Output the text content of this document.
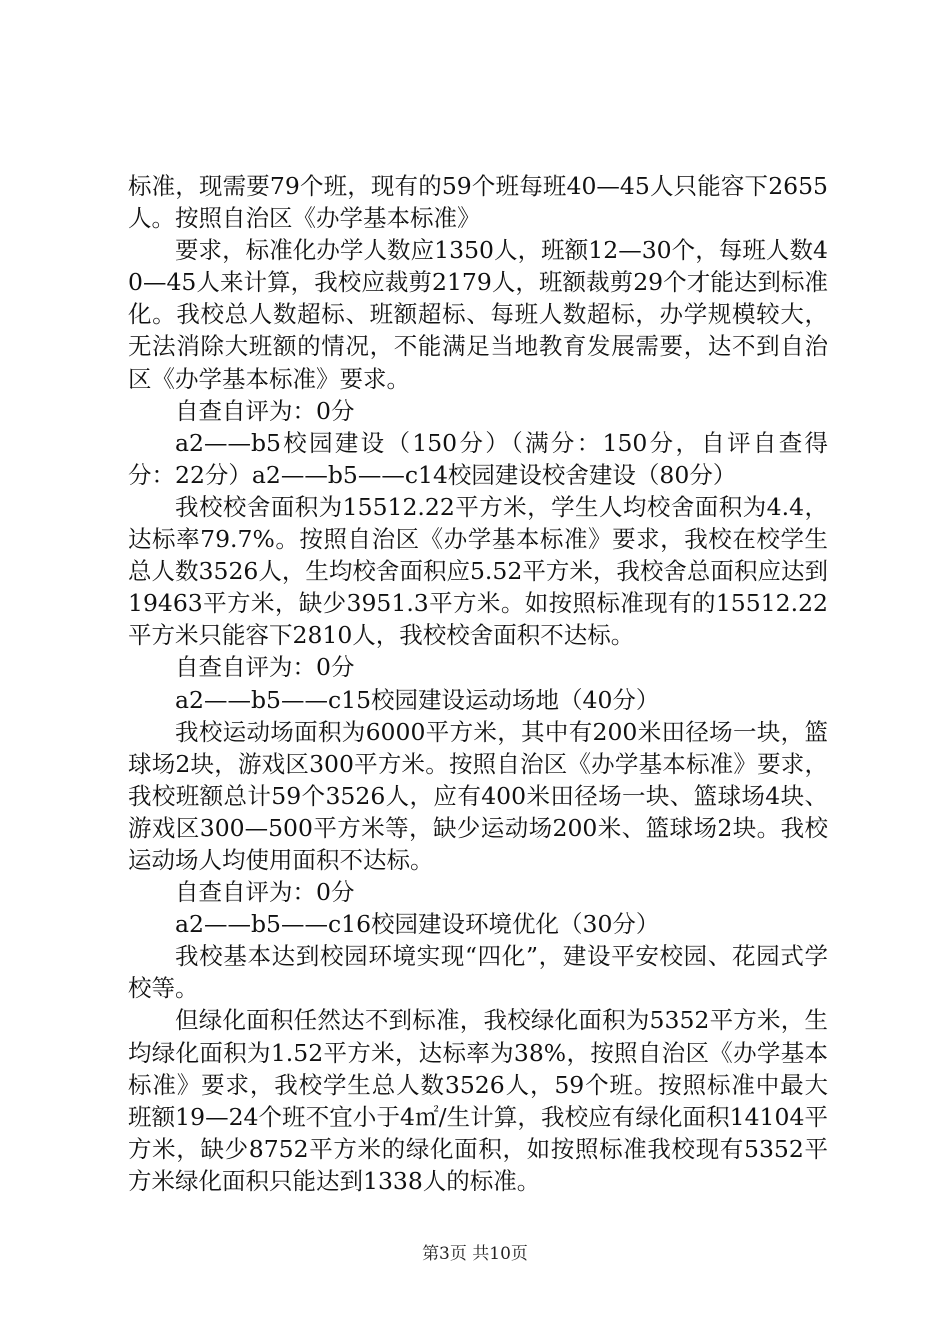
标准，现需要79个班，现有的59个班每班40—45人只能容下2655人。按照自治区《办学基本标准》

要求，标准化办学人数应1350人，班额12—30个，每班人数40—45人来计算，我校应裁剪2179人，班额裁剪29个才能达到标准化。我校总人数超标、班额超标、每班人数超标，办学规模较大，无法消除大班额的情况，不能满足当地教育发展需要，达不到自治区《办学基本标准》要求。

自查自评为：0分

a2——b5校园建设（150分）（满分：150分，自评自查得分：22分）a2——b5——c14校园建设校舍建设（80分）

我校校舍面积为15512.22平方米，学生人均校舍面积为4.4，达标率79.7%。按照自治区《办学基本标准》要求，我校在校学生总人数3526人，生均校舍面积应5.52平方米，我校舍总面积应达到19463平方米，缺少3951.3平方米。如按照标准现有的15512.22平方米只能容下2810人，我校校舍面积不达标。

自查自评为：0分

a2——b5——c15校园建设运动场地（40分）

我校运动场面积为6000平方米，其中有200米田径场一块，篮球场2块，游戏区300平方米。按照自治区《办学基本标准》要求，我校班额总计59个3526人，应有400米田径场一块、篮球场4块、游戏区300—500平方米等，缺少运动场200米、篮球场2块。我校运动场人均使用面积不达标。

自查自评为：0分

a2——b5——c16校园建设环境优化（30分）

我校基本达到校园环境实现“四化”，建设平安校园、花园式学校等。

但绿化面积任然达不到标准，我校绿化面积为5352平方米，生均绿化面积为1.52平方米，达标率为38%，按照自治区《办学基本标准》要求，我校学生总人数3526人，59个班。按照标准中最大班额19—24个班不宜小于4㎡/生计算，我校应有绿化面积14104平方米，缺少8752平方米的绿化面积，如按照标准我校现有5352平方米绿化面积只能达到1338人的标准。

第3页 共10页
